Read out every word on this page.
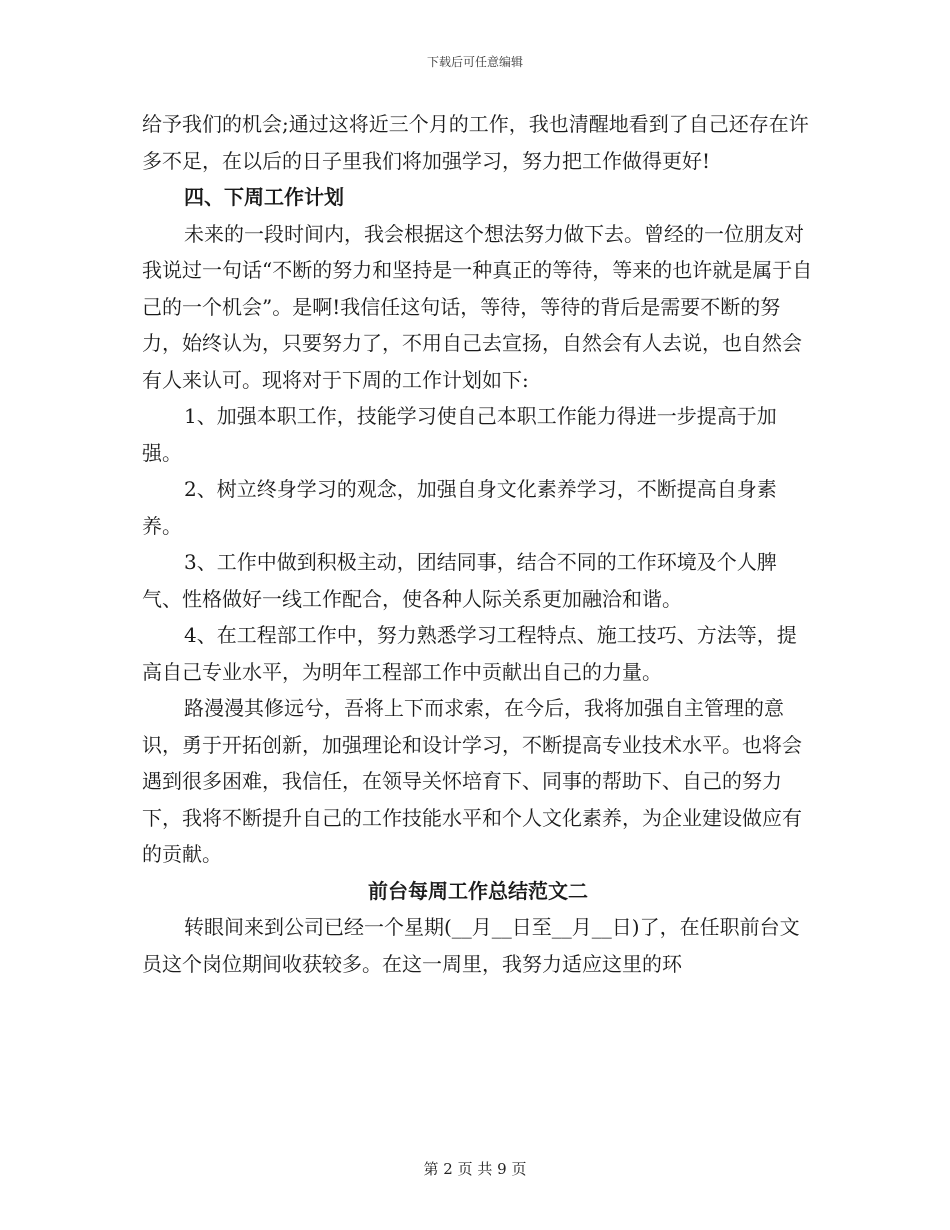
下载后可任意编辑

给予我们的机会;通过这将近三个月的工作，我也清醒地看到了自己还存在许多不足，在以后的日子里我们将加强学习，努力把工作做得更好!

四、下周工作计划

未来的一段时间内，我会根据这个想法努力做下去。曾经的一位朋友对我说过一句话“不断的努力和坚持是一种真正的等待，等来的也许就是属于自己的一个机会”。是啊!我信任这句话，等待，等待的背后是需要不断的努力，始终认为，只要努力了，不用自己去宣扬，自然会有人去说，也自然会有人来认可。现将对于下周的工作计划如下:

1、加强本职工作，技能学习使自己本职工作能力得进一步提高于加强。

2、树立终身学习的观念，加强自身文化素养学习，不断提高自身素养。

3、工作中做到积极主动，团结同事，结合不同的工作环境及个人脾气、性格做好一线工作配合，使各种人际关系更加融洽和谐。

4、在工程部工作中，努力熟悉学习工程特点、施工技巧、方法等，提高自己专业水平，为明年工程部工作中贡献出自己的力量。

路漫漫其修远兮，吾将上下而求索，在今后，我将加强自主管理的意识，勇于开拓创新，加强理论和设计学习，不断提高专业技术水平。也将会遇到很多困难，我信任，在领导关怀培育下、同事的帮助下、自己的努力下，我将不断提升自己的工作技能水平和个人文化素养，为企业建设做应有的贡献。

前台每周工作总结范文二

转眼间来到公司已经一个星期(__月__日至__月__日)了，在任职前台文员这个岗位期间收获较多。在这一周里，我努力适应这里的环

第 2 页 共 9 页
